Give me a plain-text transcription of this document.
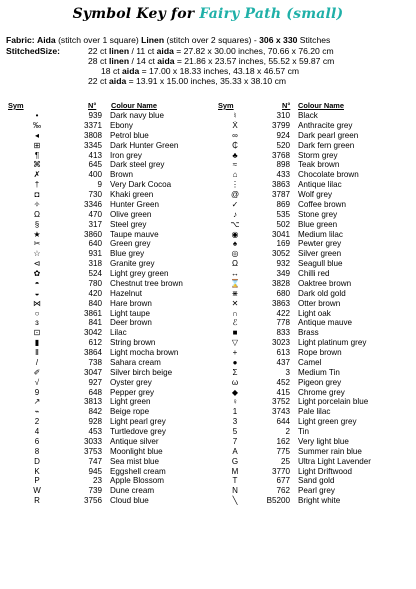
Symbol Key for Fairy Path (small)
Fabric: Aida (stitch over 1 square) Linen (stitch over 2 squares) - 306 x 330 Stitches
StitchedSize:	22 ct linen / 11 ct aida = 27.82 x 30.00 inches, 70.66 x 76.20 cm
28 ct linen / 14 ct aida = 21.86 x 23.57 inches, 55.52 x 59.87 cm
18 ct aida = 17.00 x 18.33 inches, 43.18 x 46.57 cm
22 ct aida = 13.91 x 15.00 inches, 35.33 x 38.10 cm
Sym	N° Colour Name	Sym	N° Colour Name
•	939	Dark navy blue
‰	3371	Ebony
◂	3808	Petrol blue
⊞	3345	Dark Hunter Green
¶	413	Iron grey
⌘	645	Dark steel grey
✗	400	Brown
†	9	Very Dark Cocoa
◘	730	Khaki green
✧	3346	Hunter Green
Ω	470	Olive green
§	317	Steel grey
★	3860	Taupe mauve
✂	640	Green grey
☆	931	Blue grey
⊲	318	Granite grey
✿	524	Light grey green
◓	780	Chestnut tree brown
◒	420	Hazelnut
⋈	840	Hare brown
○	3861	Light taupe
ɜ	841	Deer brown
⊡	3042	Lilac
▮	612	String brown
Ⅱ	3864	Light mocha brown
/	738	Sahara cream
✐	3047	Silver birch beige
√	927	Oyster grey
9	648	Pepper grey
↗	3813	Light green
⌁	842	Beige rope
2	928	Light pearl grey
4	453	Turtledove grey
6	3033	Antique silver
8	3753	Moonlight blue
D	747	Sea mist blue
K	945	Eggshell cream
P	23	Apple Blossom
W	739	Dune cream
R	3756	Cloud blue
♮	310	Black
Ẋ	3799	Anthracite grey
∞	924	Dark pearl green
₵	520	Dark fern green
♣	3768	Storm grey
≈	898	Teak brown
⌂	433	Chocolate brown
⋮	3863	Antique lilac
@	3787	Wolf grey
✓	869	Coffee brown
♪	535	Stone grey
⌥	502	Blue green
◉	3041	Medium lilac
♠	169	Pewter grey
◎	3052	Silver green
Ω	932	Seagull blue
↔	349	Chilli red
⌛	3828	Oaktree brown
⋇	680	Dark old gold
✕	3863	Otter brown
∩	422	Light oak
ℰ	778	Antique mauve
■	833	Brass
▽	3023	Light platinum grey
+	613	Rope brown
●	437	Camel
Σ	3	Medium Tin
ω	452	Pigeon grey
◆	415	Chrome grey
♀	3752	Light porcelain blue
1	3743	Pale lilac
3	644	Light green grey
5	2	Tin
7	162	Very light blue
A	775	Summer rain blue
G	25	Ultra Light Lavender
M	3770	Light Driftwood
T	677	Sand gold
N	762	Pearl grey
╲	B5200	Bright white
